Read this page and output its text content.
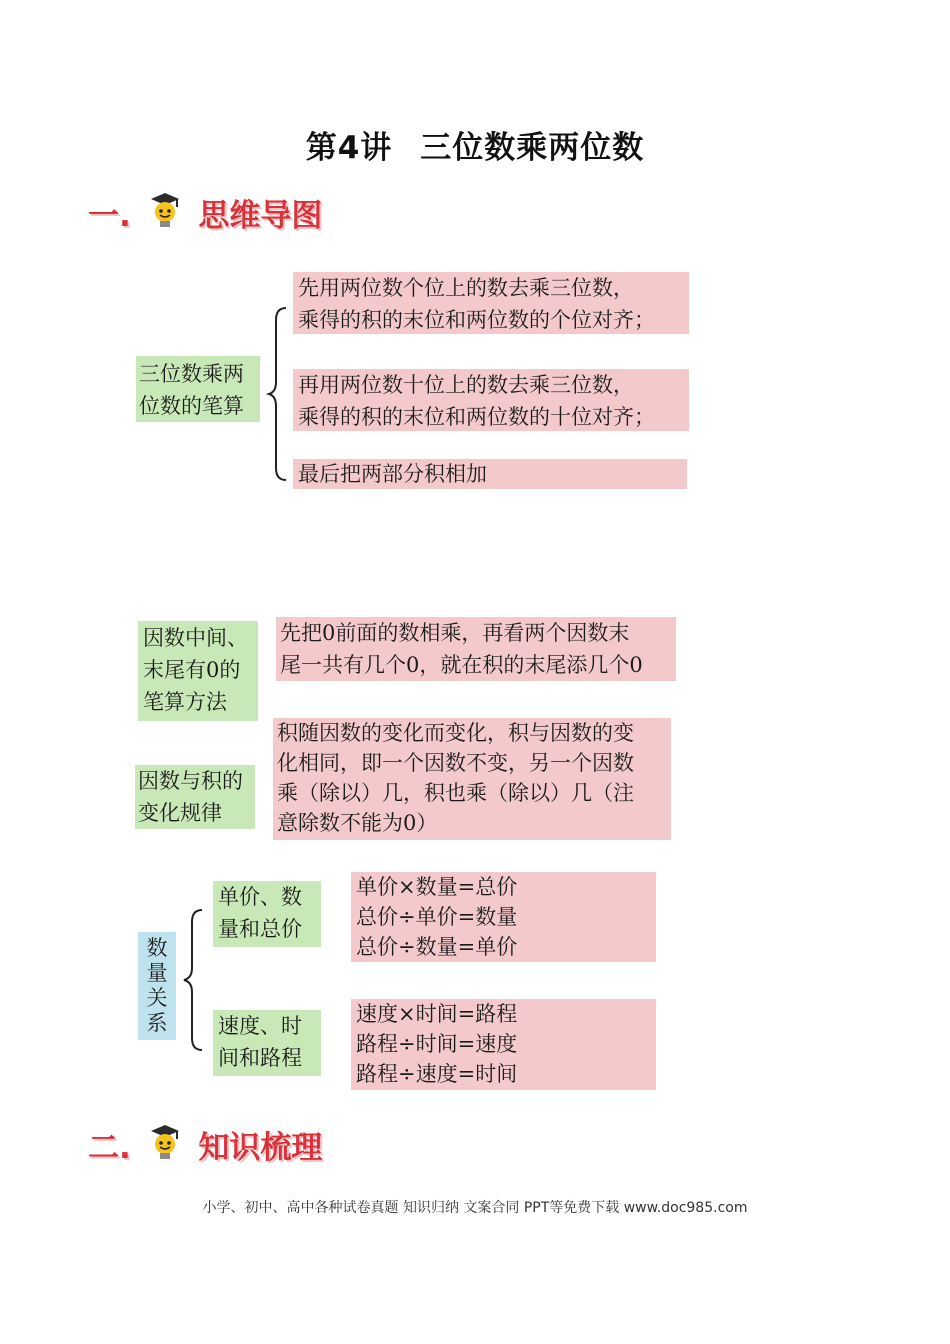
第4讲 三位数乘两位数
一. 思维导图
三位数乘两
位数的笔算
先用两位数个位上的数去乘三位数，
乘得的积的末位和两位数的个位对齐；
再用两位数十位上的数去乘三位数，
乘得的积的末位和两位数的十位对齐；
最后把两部分积相加
因数中间、
末尾有0的
笔算方法
先把0前面的数相乘，再看两个因数末
尾一共有几个0，就在积的末尾添几个0
因数与积的
变化规律
积随因数的变化而变化，积与因数的变
化相同，即一个因数不变，另一个因数
乘（除以）几，积也乘（除以）几（注
意除数不能为0）
数
量
关
系
单价、数
量和总价
单价×数量=总价
总价÷单价=数量
总价÷数量=单价
速度、时
间和路程
速度×时间=路程
路程÷时间=速度
路程÷速度=时间
二. 知识梳理
小学、初中、高中各种试卷真题 知识归纳 文案合同 PPT等免费下载 www.doc985.com
